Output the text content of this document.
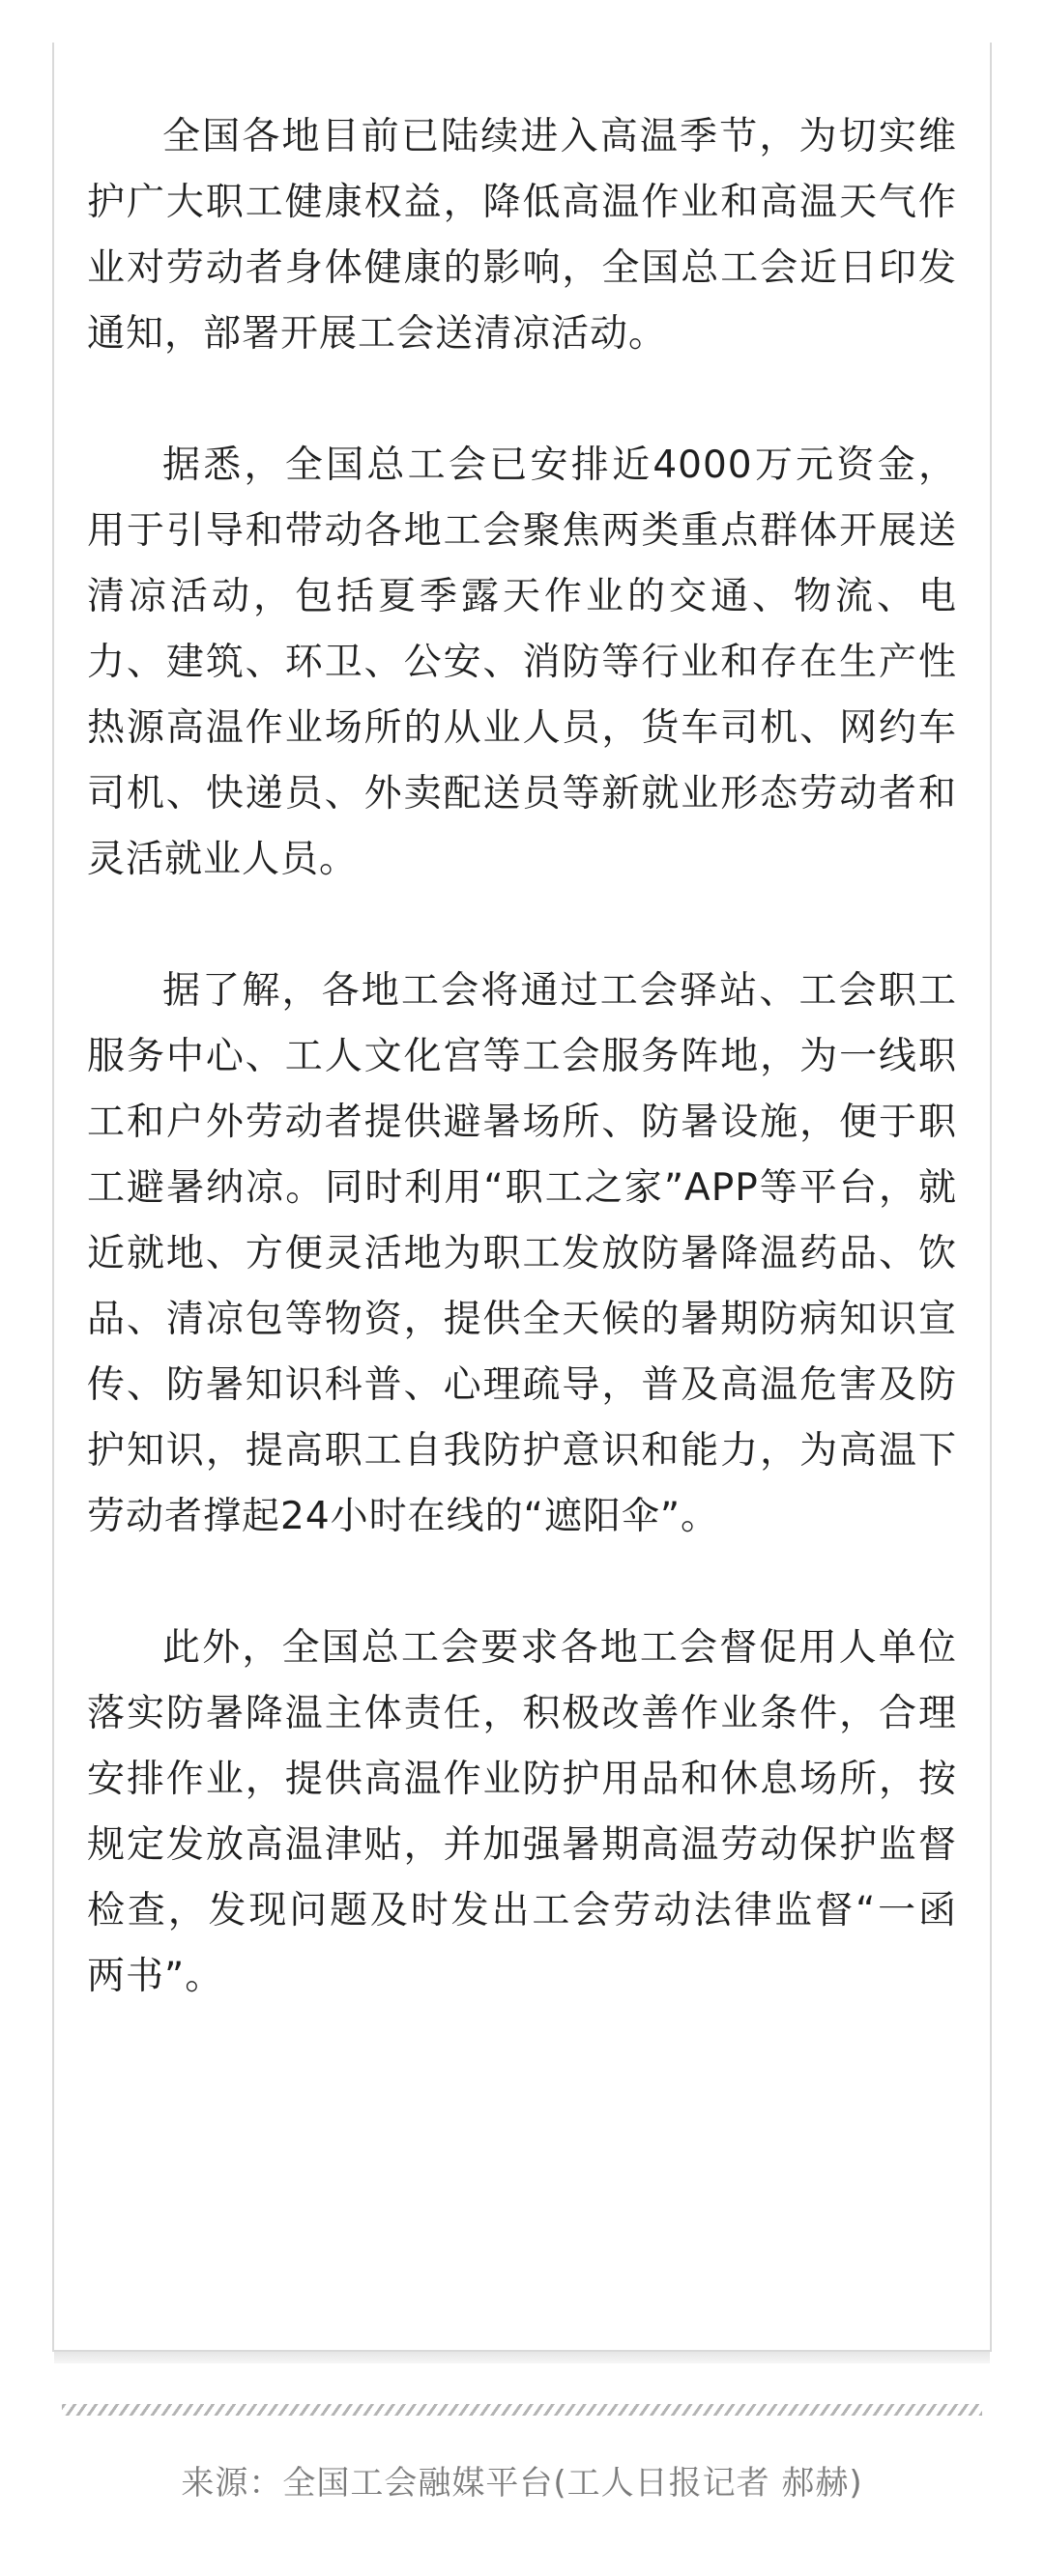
全国各地目前已陆续进入高温季节，为切实维护广大职工健康权益，降低高温作业和高温天气作业对劳动者身体健康的影响，全国总工会近日印发通知，部署开展工会送清凉活动。

据悉，全国总工会已安排近4000万元资金，用于引导和带动各地工会聚焦两类重点群体开展送清凉活动，包括夏季露天作业的交通、物流、电力、建筑、环卫、公安、消防等行业和存在生产性热源高温作业场所的从业人员，货车司机、网约车司机、快递员、外卖配送员等新就业形态劳动者和灵活就业人员。

据了解，各地工会将通过工会驿站、工会职工服务中心、工人文化宫等工会服务阵地，为一线职工和户外劳动者提供避暑场所、防暑设施，便于职工避暑纳凉。同时利用“职工之家”APP等平台，就近就地、方便灵活地为职工发放防暑降温药品、饮品、清凉包等物资，提供全天候的暑期防病知识宣传、防暑知识科普、心理疏导，普及高温危害及防护知识，提高职工自我防护意识和能力，为高温下劳动者撑起24小时在线的“遮阳伞”。

此外，全国总工会要求各地工会督促用人单位落实防暑降温主体责任，积极改善作业条件，合理安排作业，提供高温作业防护用品和休息场所，按规定发放高温津贴，并加强暑期高温劳动保护监督检查，发现问题及时发出工会劳动法律监督“一函两书”。

来源：全国工会融媒平台(工人日报记者 郝赫)
